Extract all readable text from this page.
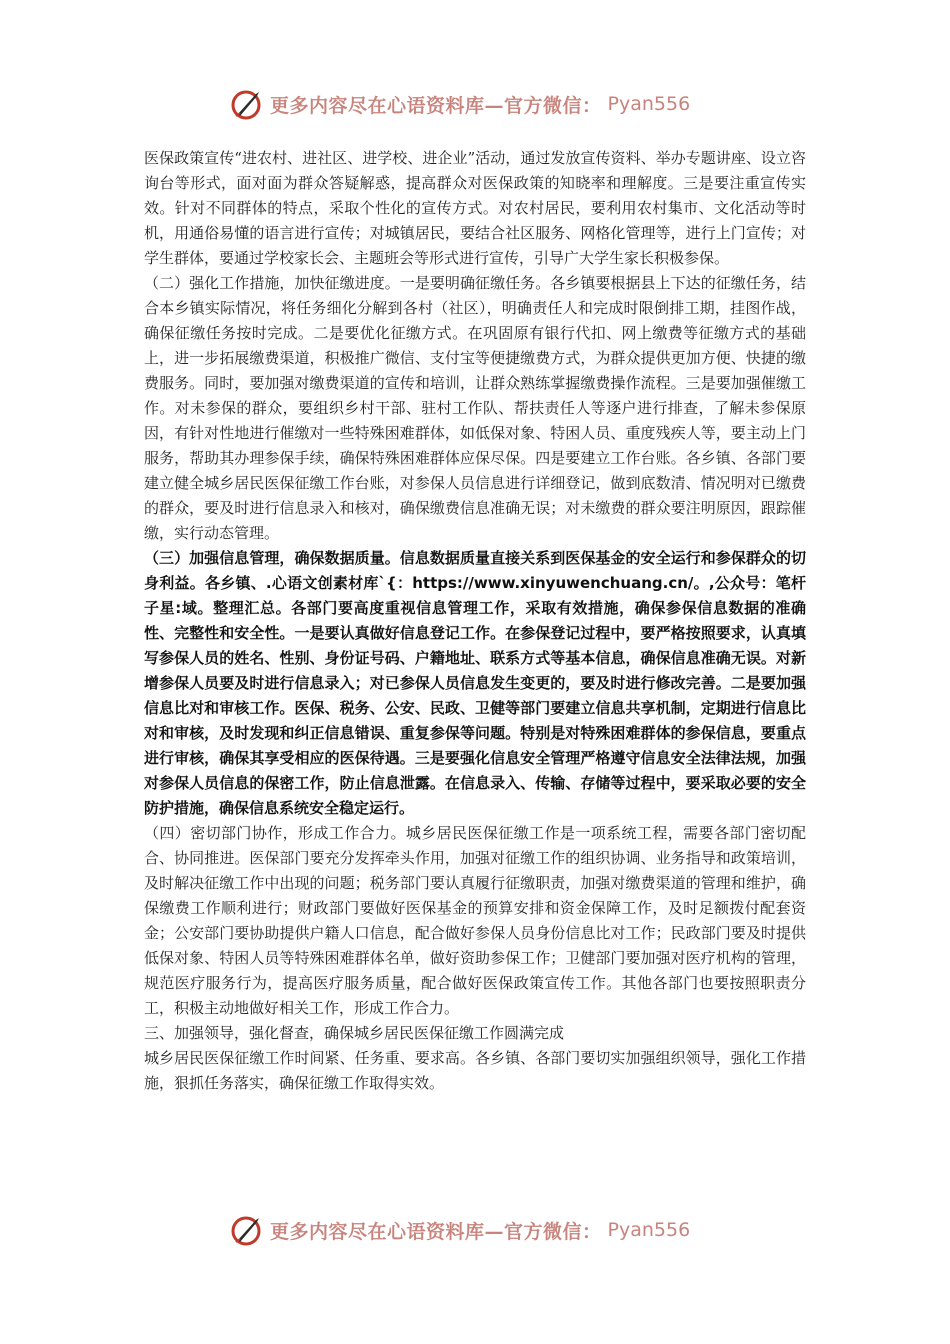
更多内容尽在心语资料库—官方微信： Pyan556

医保政策宣传“进农村、进社区、进学校、进企业”活动，通过发放宣传资料、举办专题讲座、设立咨询台等形式，面对面为群众答疑解惑，提高群众对医保政策的知晓率和理解度。三是要注重宣传实效。针对不同群体的特点，采取个性化的宣传方式。对农村居民，要利用农村集市、文化活动等时机，用通俗易懂的语言进行宣传；对城镇居民，要结合社区服务、网格化管理等，进行上门宣传；对学生群体，要通过学校家长会、主题班会等形式进行宣传，引导广大学生家长积极参保。

（二）强化工作措施，加快征缴进度。一是要明确征缴任务。各乡镇要根据县上下达的征缴任务，结合本乡镇实际情况，将任务细化分解到各村（社区），明确责任人和完成时限倒排工期，挂图作战，确保征缴任务按时完成。二是要优化征缴方式。在巩固原有银行代扣、网上缴费等征缴方式的基础上，进一步拓展缴费渠道，积极推广微信、支付宝等便捷缴费方式，为群众提供更加方便、快捷的缴费服务。同时，要加强对缴费渠道的宣传和培训，让群众熟练掌握缴费操作流程。三是要加强催缴工作。对未参保的群众，要组织乡村干部、驻村工作队、帮扶责任人等逐户进行排查，了解未参保原因，有针对性地进行催缴对一些特殊困难群体，如低保对象、特困人员、重度残疾人等，要主动上门服务，帮助其办理参保手续，确保特殊困难群体应保尽保。四是要建立工作台账。各乡镇、各部门要建立健全城乡居民医保征缴工作台账，对参保人员信息进行详细登记，做到底数清、情况明对已缴费的群众，要及时进行信息录入和核对，确保缴费信息准确无误；对未缴费的群众要注明原因，跟踪催缴，实行动态管理。

（三）加强信息管理，确保数据质量。信息数据质量直接关系到医保基金的安全运行和参保群众的切身利益。各乡镇、.心语文创素材库`{：https://www.xinyuwenchuang.cn/。,公众号：笔杆子星:域。整理汇总。各部门要高度重视信息管理工作，采取有效措施，确保参保信息数据的准确性、完整性和安全性。一是要认真做好信息登记工作。在参保登记过程中，要严格按照要求，认真填写参保人员的姓名、性别、身份证号码、户籍地址、联系方式等基本信息，确保信息准确无误。对新增参保人员要及时进行信息录入；对已参保人员信息发生变更的，要及时进行修改完善。二是要加强信息比对和审核工作。医保、税务、公安、民政、卫健等部门要建立信息共享机制，定期进行信息比对和审核，及时发现和纠正信息错误、重复参保等问题。特别是对特殊困难群体的参保信息，要重点进行审核，确保其享受相应的医保待遇。三是要强化信息安全管理严格遵守信息安全法律法规，加强对参保人员信息的保密工作，防止信息泄露。在信息录入、传输、存储等过程中，要采取必要的安全防护措施，确保信息系统安全稳定运行。

（四）密切部门协作，形成工作合力。城乡居民医保征缴工作是一项系统工程，需要各部门密切配合、协同推进。医保部门要充分发挥牵头作用，加强对征缴工作的组织协调、业务指导和政策培训，及时解决征缴工作中出现的问题；税务部门要认真履行征缴职责，加强对缴费渠道的管理和维护，确保缴费工作顺利进行；财政部门要做好医保基金的预算安排和资金保障工作，及时足额拨付配套资金；公安部门要协助提供户籍人口信息，配合做好参保人员身份信息比对工作；民政部门要及时提供低保对象、特困人员等特殊困难群体名单，做好资助参保工作；卫健部门要加强对医疗机构的管理，规范医疗服务行为，提高医疗服务质量，配合做好医保政策宣传工作。其他各部门也要按照职责分工，积极主动地做好相关工作，形成工作合力。

三、加强领导，强化督查，确保城乡居民医保征缴工作圆满完成

城乡居民医保征缴工作时间紧、任务重、要求高。各乡镇、各部门要切实加强组织领导，强化工作措施，狠抓任务落实，确保征缴工作取得实效。

更多内容尽在心语资料库—官方微信： Pyan556
